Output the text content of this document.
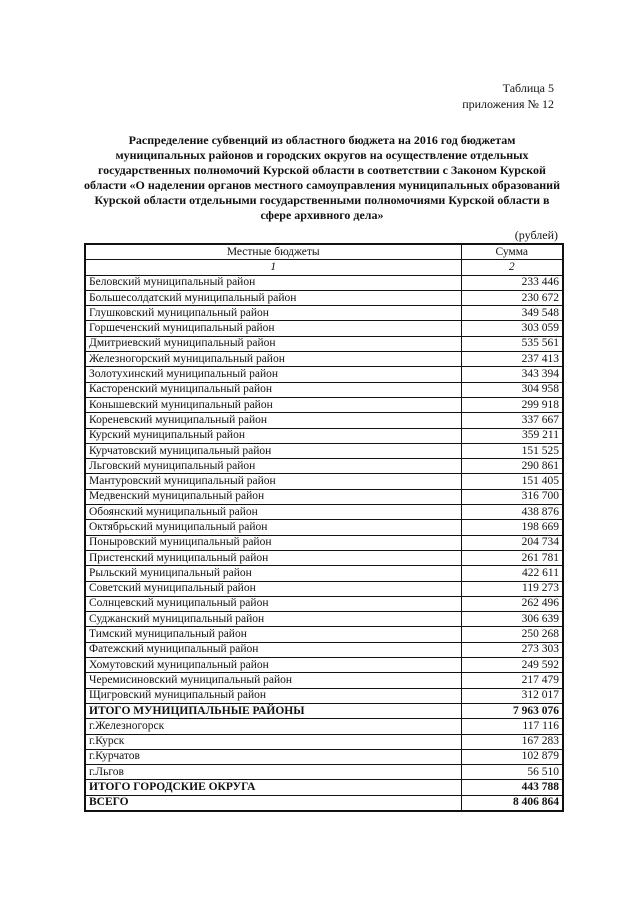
Таблица 5
приложения № 12
Распределение субвенций из областного бюджета на 2016 год бюджетам муниципальных районов и городских округов на осуществление отдельных государственных полномочий Курской области в соответствии с Законом Курской области «О наделении органов местного самоуправления муниципальных образований Курской области отдельными государственными полномочиями Курской области в сфере архивного дела»
(рублей)
Местные бюджеты	Сумма
1	2
Беловский муниципальный район	233 446
Большесолдатский муниципальный район	230 672
Глушковский муниципальный район	349 548
Горшеченский муниципальный район	303 059
Дмитриевский муниципальный район	535 561
Железногорский муниципальный район	237 413
Золотухинский муниципальный район	343 394
Касторенский муниципальный район	304 958
Конышевский муниципальный район	299 918
Кореневский муниципальный район	337 667
Курский муниципальный район	359 211
Курчатовский муниципальный район	151 525
Льговский муниципальный район	290 861
Мантуровский муниципальный район	151 405
Медвенский муниципальный район	316 700
Обоянский муниципальный район	438 876
Октябрьский муниципальный район	198 669
Поныровский муниципальный район	204 734
Пристенский муниципальный район	261 781
Рыльский муниципальный район	422 611
Советский муниципальный район	119 273
Солнцевский муниципальный район	262 496
Суджанский муниципальный район	306 639
Тимский муниципальный район	250 268
Фатежский муниципальный район	273 303
Хомутовский муниципальный район	249 592
Черемисиновский муниципальный район	217 479
Щигровский муниципальный район	312 017
ИТОГО МУНИЦИПАЛЬНЫЕ РАЙОНЫ	7 963 076
г.Железногорск	117 116
г.Курск	167 283
г.Курчатов	102 879
г.Льгов	56 510
ИТОГО ГОРОДСКИЕ ОКРУГА	443 788
ВСЕГО	8 406 864
